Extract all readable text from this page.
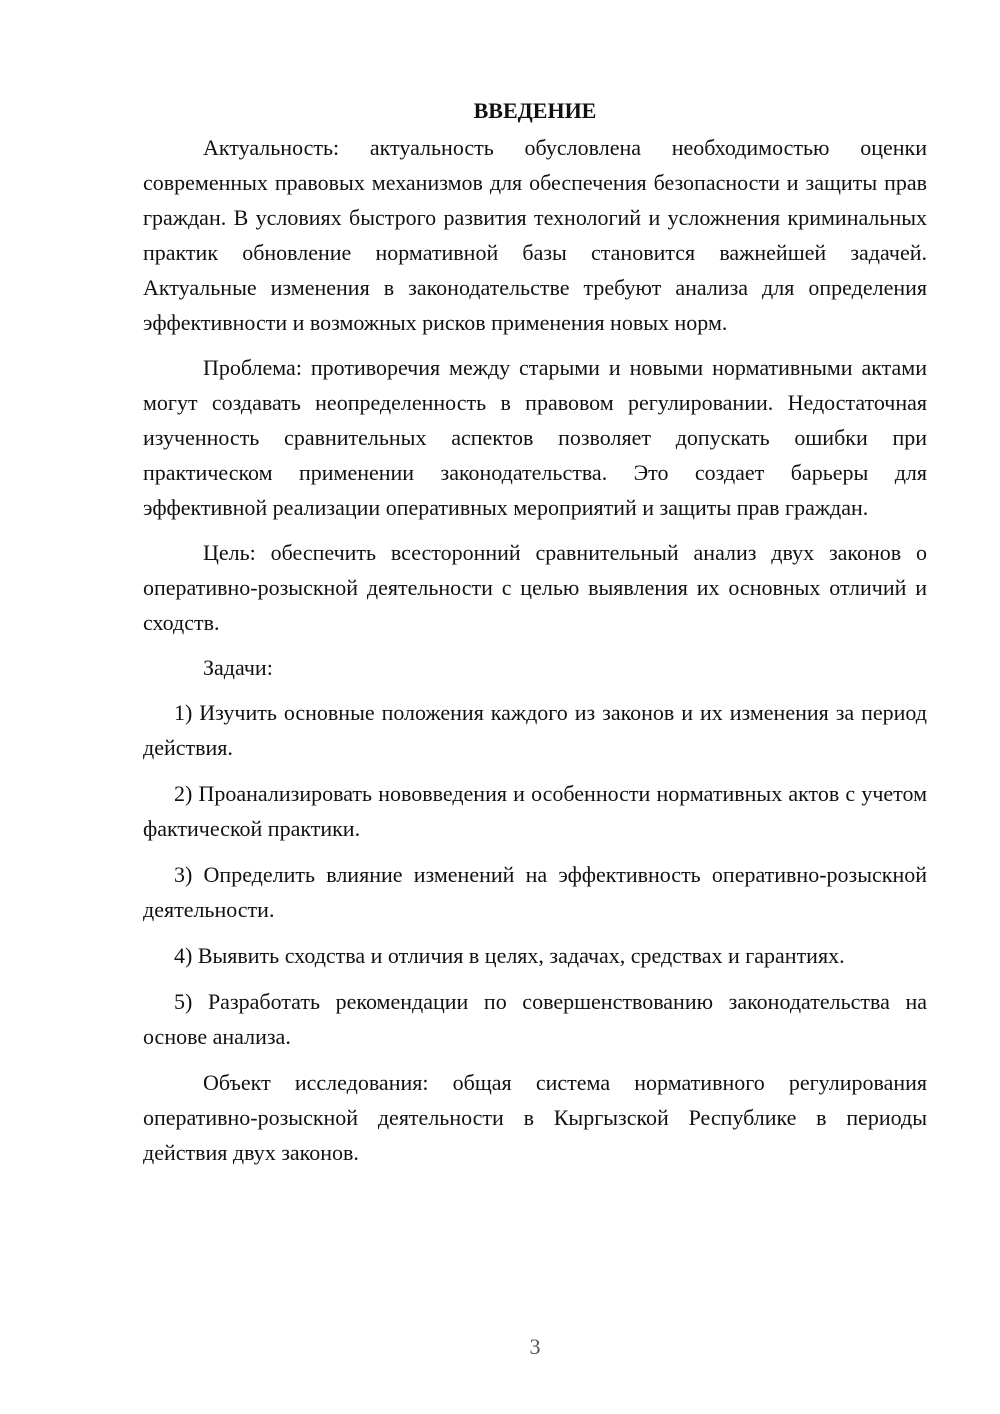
ВВЕДЕНИЕ

Актуальность: актуальность обусловлена необходимостью оценки современных правовых механизмов для обеспечения безопасности и защиты прав граждан. В условиях быстрого развития технологий и усложнения криминальных практик обновление нормативной базы становится важнейшей задачей. Актуальные изменения в законодательстве требуют анализа для определения эффективности и возможных рисков применения новых норм.

Проблема: противоречия между старыми и новыми нормативными актами могут создавать неопределенность в правовом регулировании. Недостаточная изученность сравнительных аспектов позволяет допускать ошибки при практическом применении законодательства. Это создает барьеры для эффективной реализации оперативных мероприятий и защиты прав граждан.

Цель: обеспечить всесторонний сравнительный анализ двух законов о оперативно-розыскной деятельности с целью выявления их основных отличий и сходств.

Задачи:

1) Изучить основные положения каждого из законов и их изменения за период действия.

2) Проанализировать нововведения и особенности нормативных актов с учетом фактической практики.

3) Определить влияние изменений на эффективность оперативно-розыскной деятельности.

4) Выявить сходства и отличия в целях, задачах, средствах и гарантиях.

5) Разработать рекомендации по совершенствованию законодательства на основе анализа.

Объект исследования: общая система нормативного регулирования оперативно-розыскной деятельности в Кыргызской Республике в периоды действия двух законов.

3
